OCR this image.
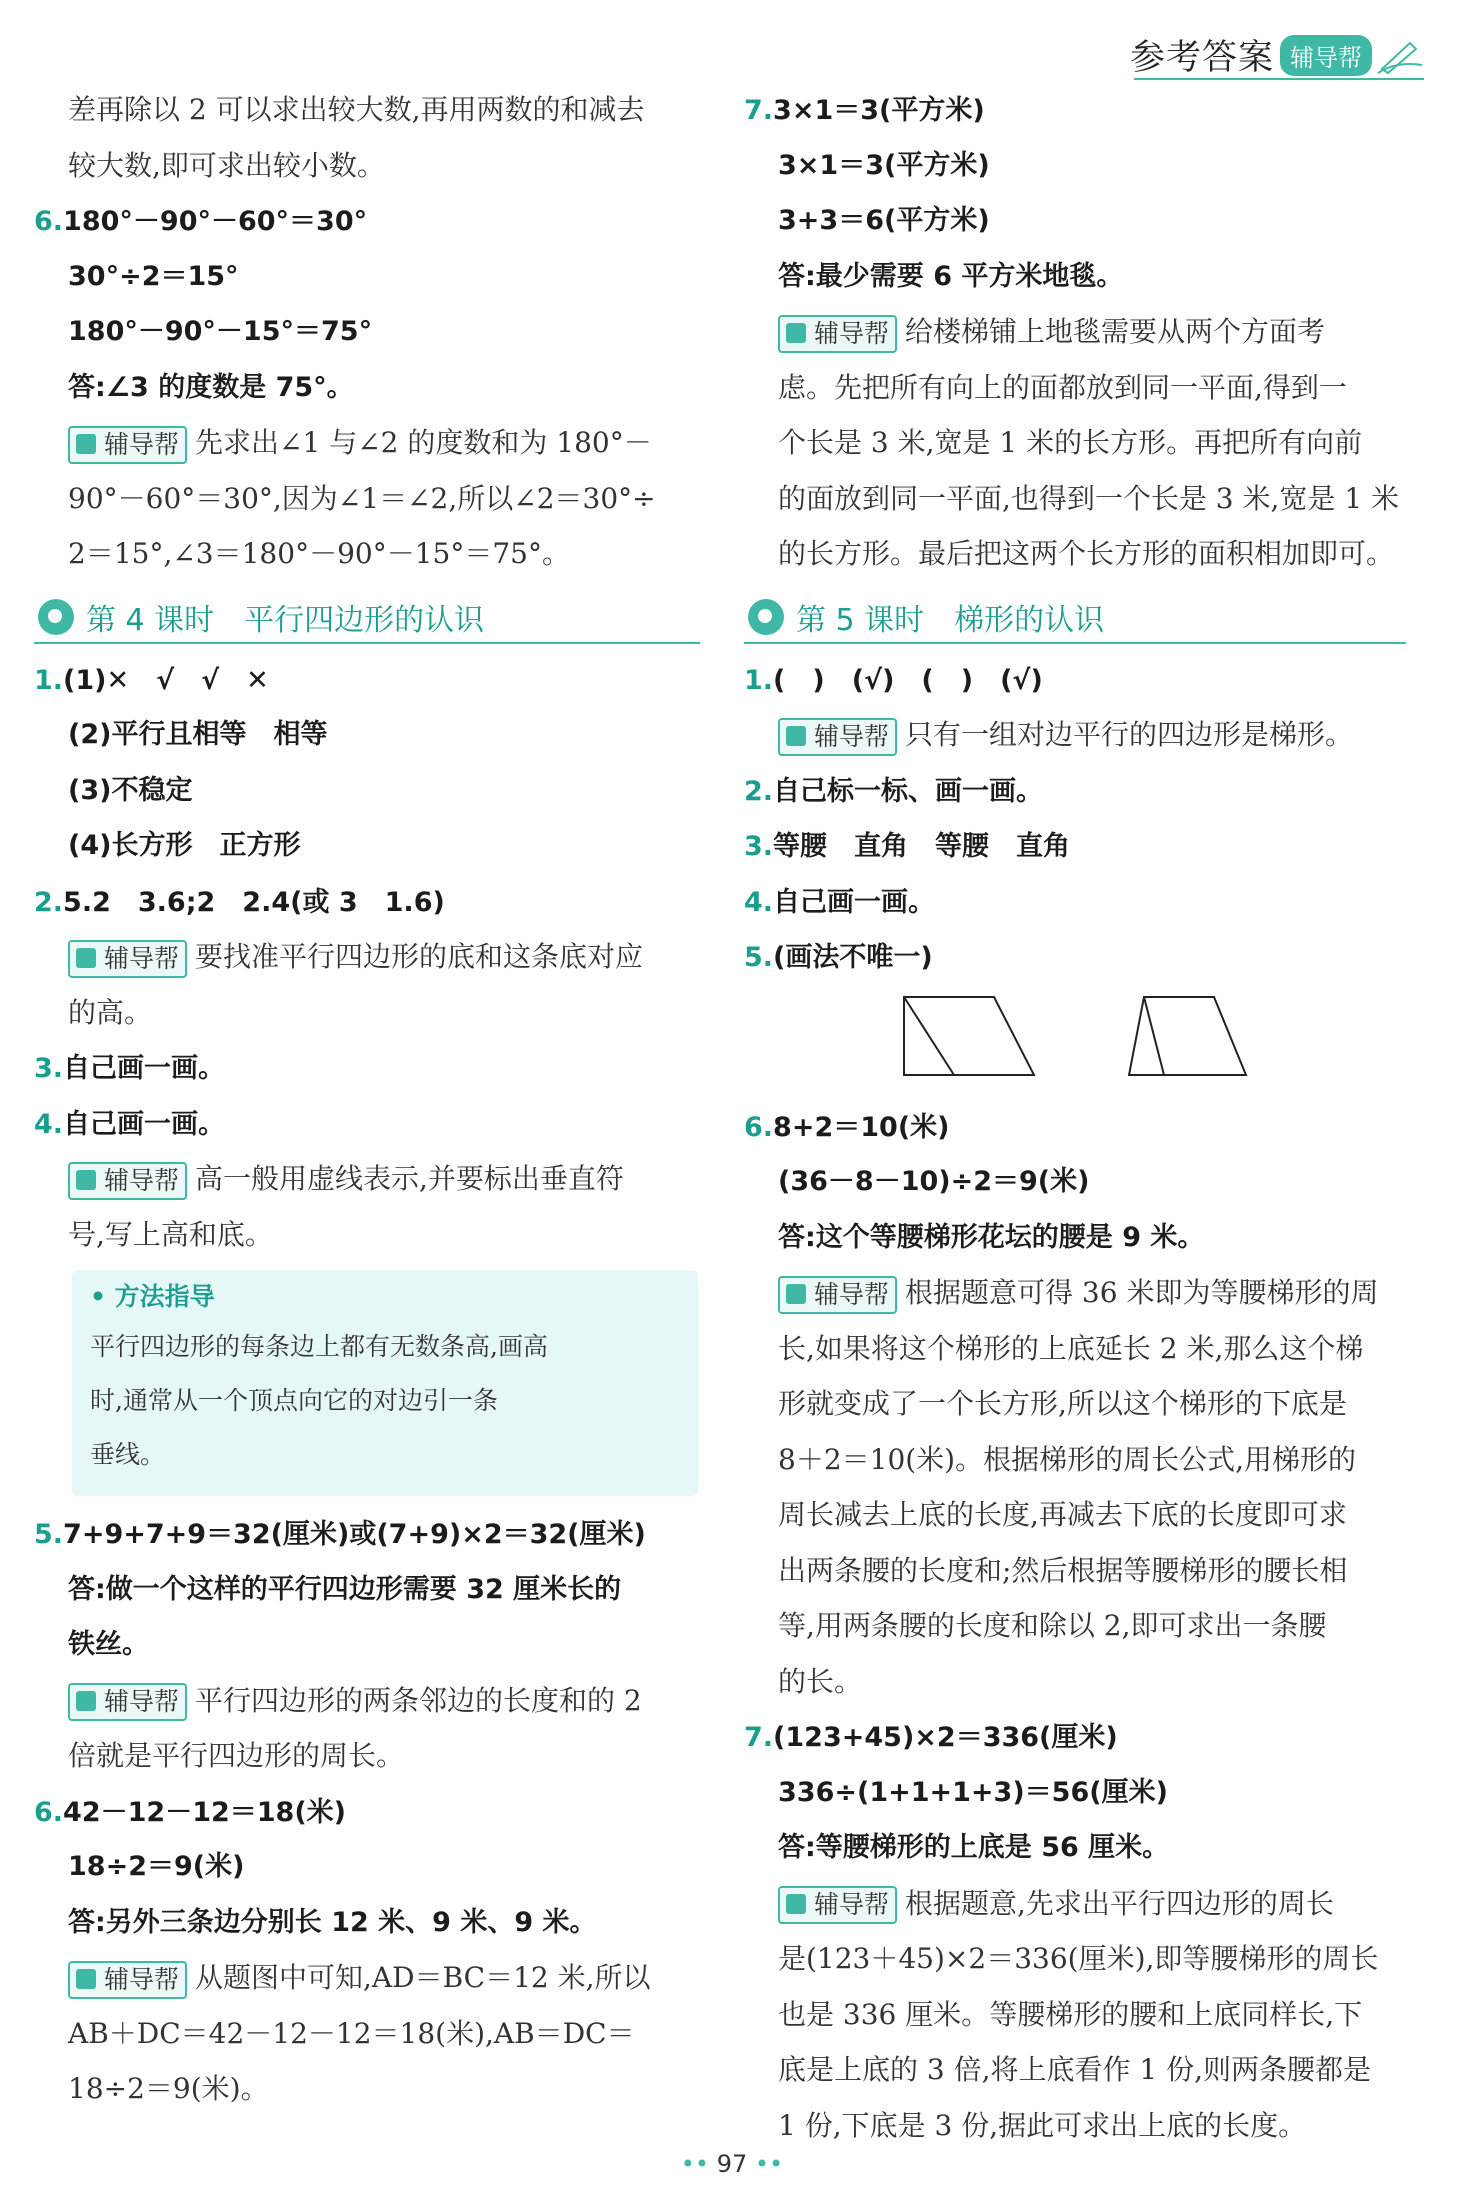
参考答案 辅导帮
差再除以 2 可以求出较大数,再用两数的和减去
较大数,即可求出较小数。
6.180°－90°－60°＝30°
30°÷2＝15°
180°－90°－15°＝75°
答:∠3 的度数是 75°。
辅导帮 先求出∠1 与∠2 的度数和为 180°－
90°－60°＝30°,因为∠1＝∠2,所以∠2＝30°÷
2＝15°,∠3＝180°－90°－15°＝75°。
第 4 课时　平行四边形的认识
1.(1)✕　√　√　✕
(2)平行且相等　相等
(3)不稳定
(4)长方形　正方形
2.5.2　3.6;2　2.4(或 3　1.6)
辅导帮 要找准平行四边形的底和这条底对应
的高。
3.自己画一画。
4.自己画一画。
辅导帮 高一般用虚线表示,并要标出垂直符
号,写上高和底。
• 方法指导
平行四边形的每条边上都有无数条高,画高
时,通常从一个顶点向它的对边引一条
垂线。
5.7+9+7+9＝32(厘米)或(7+9)×2＝32(厘米)
答:做一个这样的平行四边形需要 32 厘米长的
铁丝。
辅导帮 平行四边形的两条邻边的长度和的 2
倍就是平行四边形的周长。
6.42－12－12＝18(米)
18÷2＝9(米)
答:另外三条边分别长 12 米、9 米、9 米。
辅导帮 从题图中可知,AD＝BC＝12 米,所以
AB＋DC＝42－12－12＝18(米),AB＝DC＝
18÷2＝9(米)。
7.3×1＝3(平方米)
3×1＝3(平方米)
3+3＝6(平方米)
答:最少需要 6 平方米地毯。
辅导帮 给楼梯铺上地毯需要从两个方面考
虑。先把所有向上的面都放到同一平面,得到一
个长是 3 米,宽是 1 米的长方形。再把所有向前
的面放到同一平面,也得到一个长是 3 米,宽是 1 米
的长方形。最后把这两个长方形的面积相加即可。
第 5 课时　梯形的认识
1.(　)　(√)　(　)　(√)
辅导帮 只有一组对边平行的四边形是梯形。
2.自己标一标、画一画。
3.等腰　直角　等腰　直角
4.自己画一画。
5.(画法不唯一)
6.8+2＝10(米)
(36－8－10)÷2＝9(米)
答:这个等腰梯形花坛的腰是 9 米。
辅导帮 根据题意可得 36 米即为等腰梯形的周
长,如果将这个梯形的上底延长 2 米,那么这个梯
形就变成了一个长方形,所以这个梯形的下底是
8＋2＝10(米)。根据梯形的周长公式,用梯形的
周长减去上底的长度,再减去下底的长度即可求
出两条腰的长度和;然后根据等腰梯形的腰长相
等,用两条腰的长度和除以 2,即可求出一条腰
的长。
7.(123+45)×2＝336(厘米)
336÷(1+1+1+3)＝56(厘米)
答:等腰梯形的上底是 56 厘米。
辅导帮 根据题意,先求出平行四边形的周长
是(123＋45)×2＝336(厘米),即等腰梯形的周长
也是 336 厘米。等腰梯形的腰和上底同样长,下
底是上底的 3 倍,将上底看作 1 份,则两条腰都是
1 份,下底是 3 份,据此可求出上底的长度。
•• 97 ••
